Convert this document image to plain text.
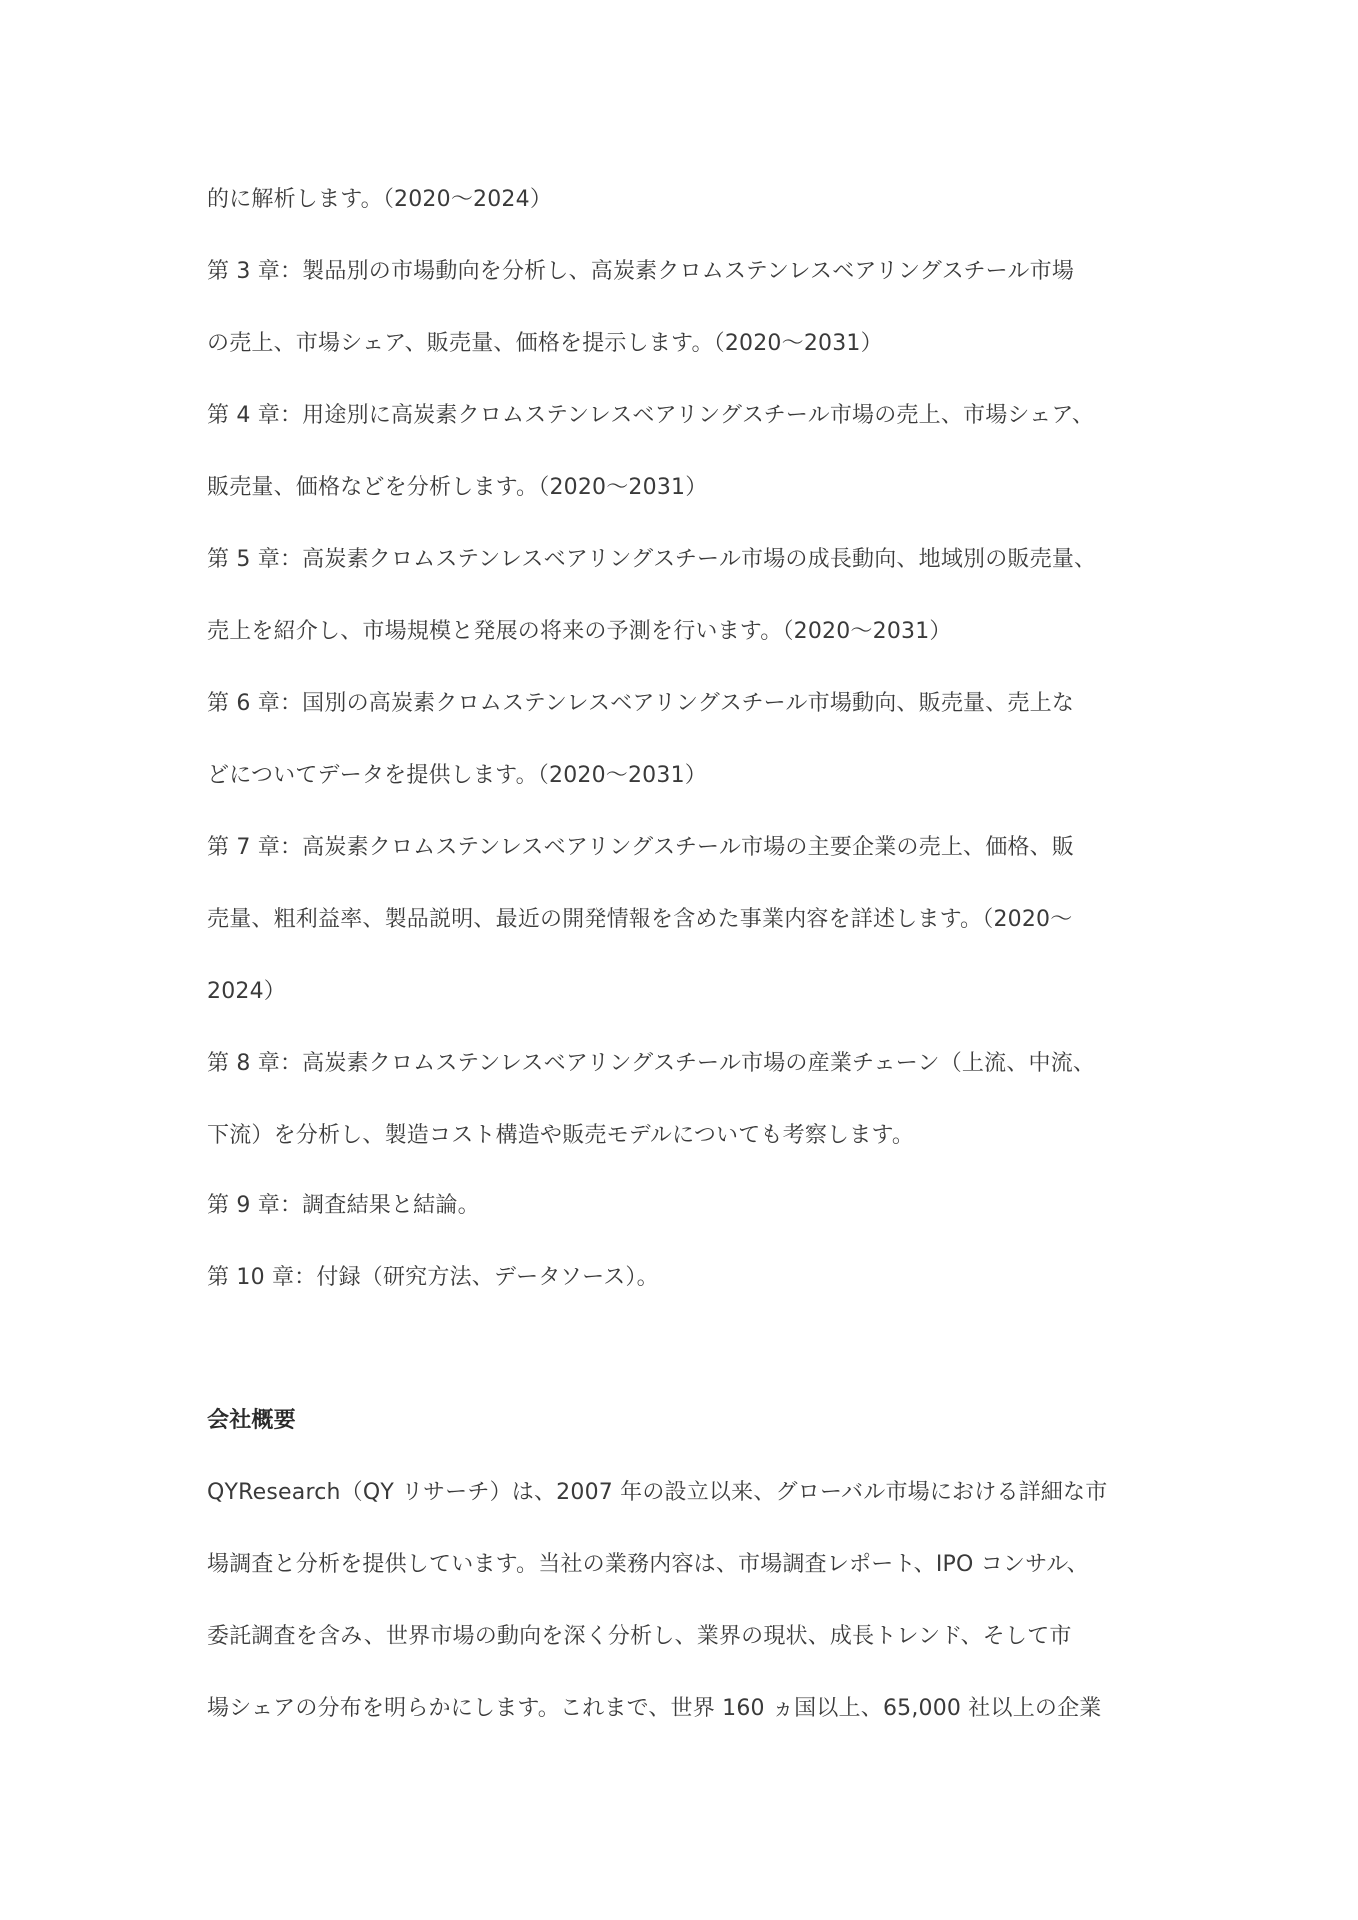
的に解析します。（2020～2024）
第 3 章：製品別の市場動向を分析し、高炭素クロムステンレスベアリングスチール市場
の売上、市場シェア、販売量、価格を提示します。（2020～2031）
第 4 章：用途別に高炭素クロムステンレスベアリングスチール市場の売上、市場シェア、
販売量、価格などを分析します。（2020～2031）
第 5 章：高炭素クロムステンレスベアリングスチール市場の成長動向、地域別の販売量、
売上を紹介し、市場規模と発展の将来の予測を行います。（2020～2031）
第 6 章：国別の高炭素クロムステンレスベアリングスチール市場動向、販売量、売上な
どについてデータを提供します。（2020～2031）
第 7 章：高炭素クロムステンレスベアリングスチール市場の主要企業の売上、価格、販
売量、粗利益率、製品説明、最近の開発情報を含めた事業内容を詳述します。（2020～
2024）
第 8 章：高炭素クロムステンレスベアリングスチール市場の産業チェーン（上流、中流、
下流）を分析し、製造コスト構造や販売モデルについても考察します。
第 9 章：調査結果と結論。
第 10 章：付録（研究方法、データソース）。
会社概要
QYResearch（QY リサーチ）は、2007 年の設立以来、グローバル市場における詳細な市
場調査と分析を提供しています。当社の業務内容は、市場調査レポート、IPO コンサル、
委託調査を含み、世界市場の動向を深く分析し、業界の現状、成長トレンド、そして市
場シェアの分布を明らかにします。これまで、世界 160 ヵ国以上、65,000 社以上の企業
